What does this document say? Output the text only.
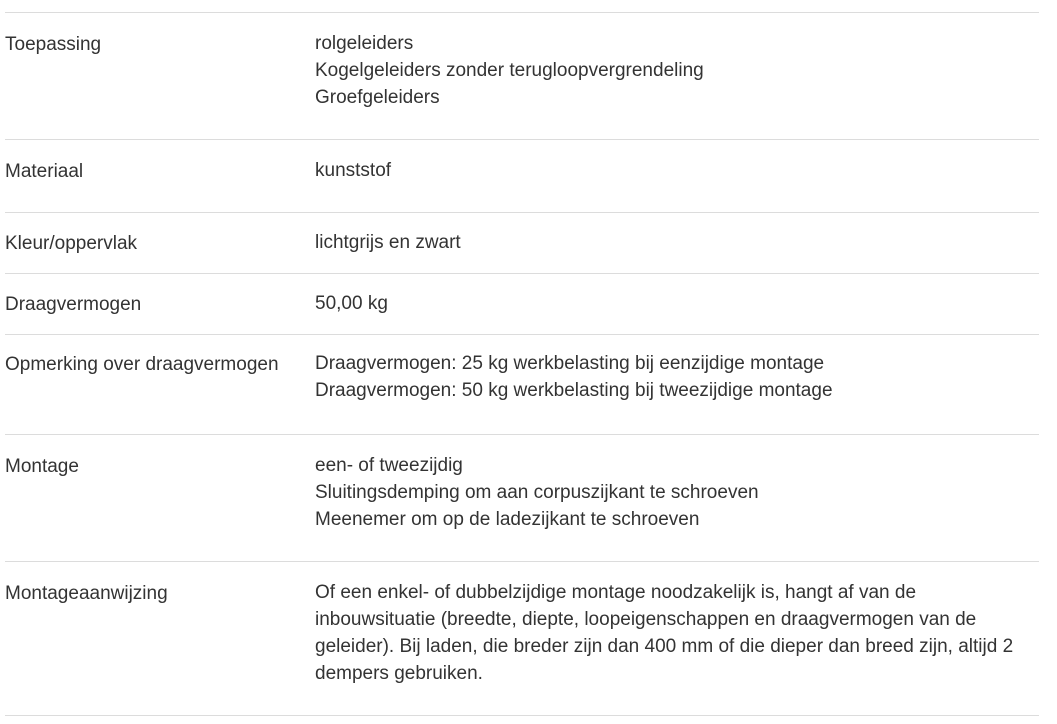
Toepassing	rolgeleiders
Kogelgeleiders zonder terugloopvergrendeling
Groefgeleiders
Materiaal	kunststof
Kleur/oppervlak	lichtgrijs en zwart
Draagvermogen	50,00 kg
Opmerking over draagvermogen	Draagvermogen: 25 kg werkbelasting bij eenzijdige montage
Draagvermogen: 50 kg werkbelasting bij tweezijdige montage
Montage	een- of tweezijdig
Sluitingsdemping om aan corpuszijkant te schroeven
Meenemer om op de ladezijkant te schroeven
Montageaanwijzing	Of een enkel- of dubbelzijdige montage noodzakelijk is, hangt af van de inbouwsituatie (breedte, diepte, loopeigenschappen en draagvermogen van de geleider). Bij laden, die breder zijn dan 400 mm of die dieper dan breed zijn, altijd 2 dempers gebruiken.
